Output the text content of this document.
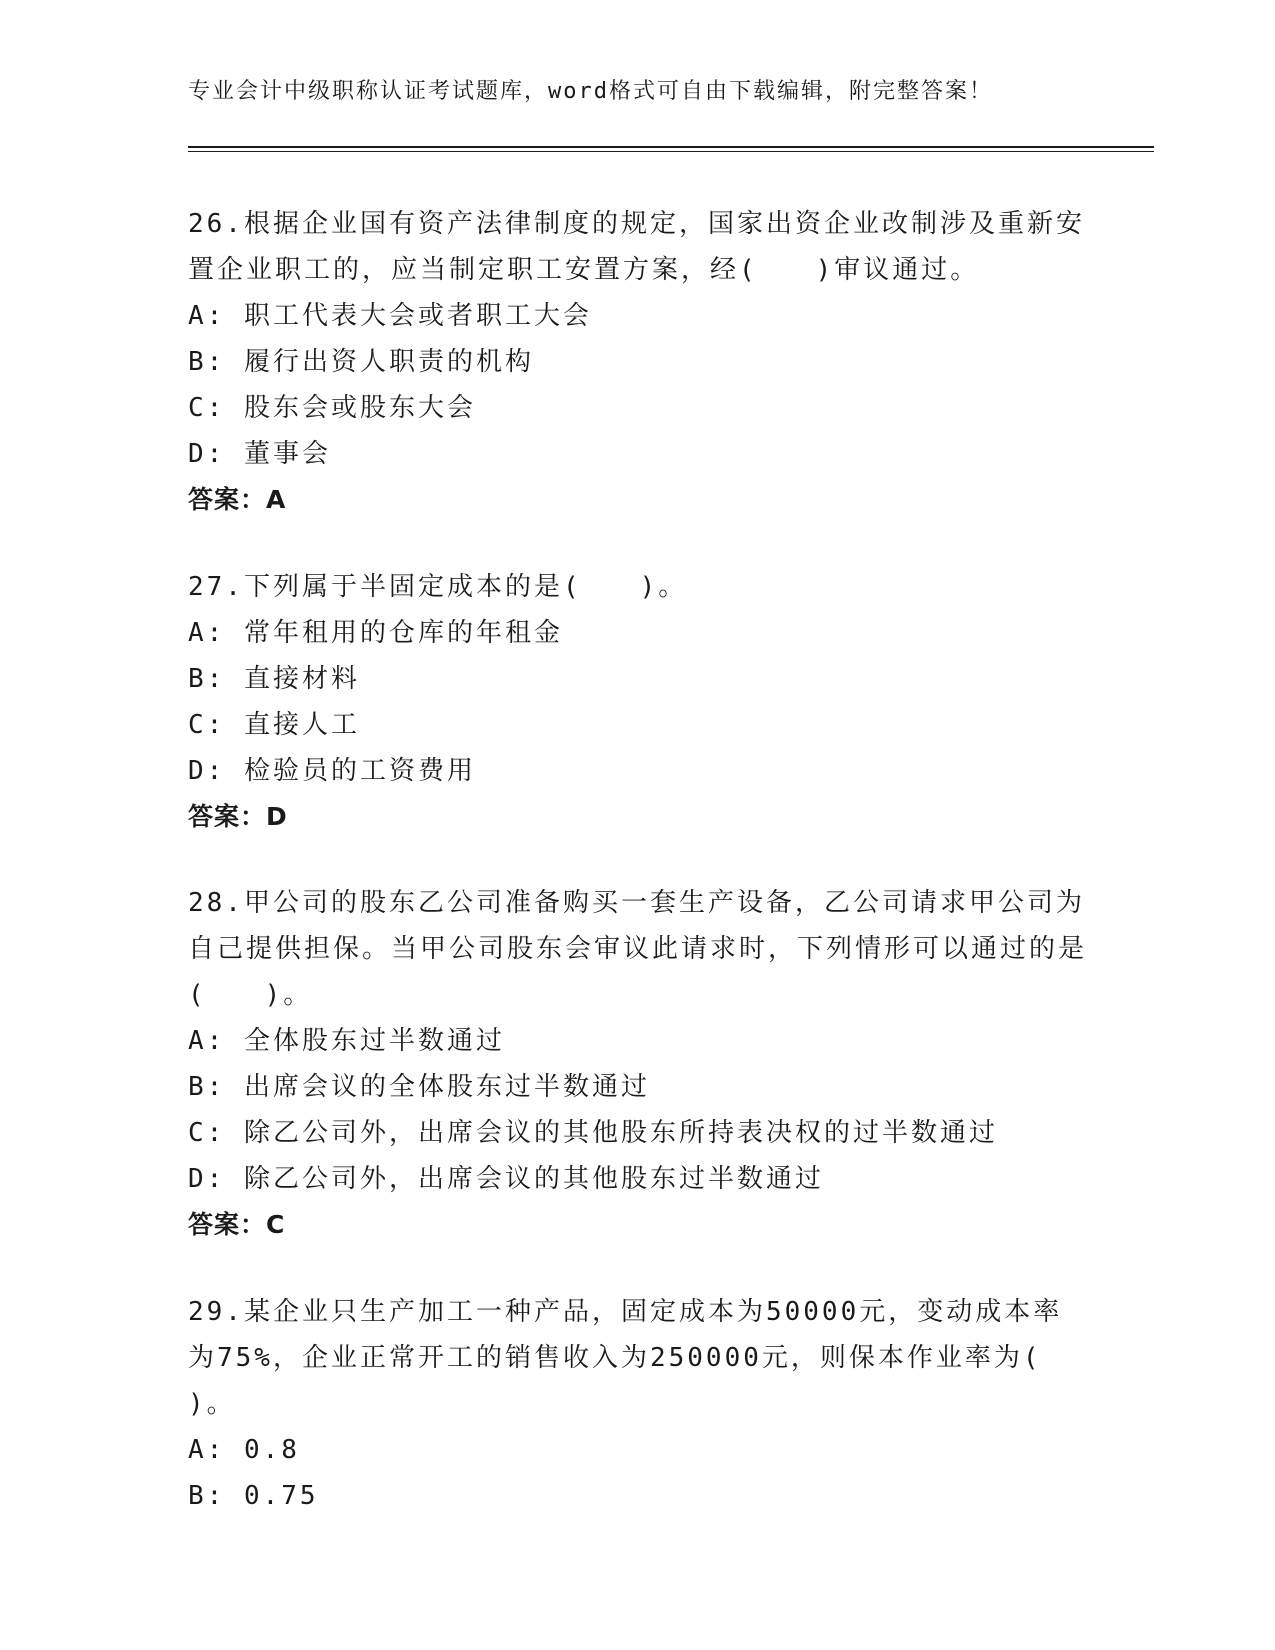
专业会计中级职称认证考试题库，word格式可自由下载编辑，附完整答案！
26.根据企业国有资产法律制度的规定，国家出资企业改制涉及重新安置企业职工的，应当制定职工安置方案，经(　　)审议通过。
A: 职工代表大会或者职工大会
B: 履行出资人职责的机构
C: 股东会或股东大会
D: 董事会
答案：A
27.下列属于半固定成本的是(　　)。
A: 常年租用的仓库的年租金
B: 直接材料
C: 直接人工
D: 检验员的工资费用
答案：D
28.甲公司的股东乙公司准备购买一套生产设备，乙公司请求甲公司为自己提供担保。当甲公司股东会审议此请求时，下列情形可以通过的是(　　)。
A: 全体股东过半数通过
B: 出席会议的全体股东过半数通过
C: 除乙公司外，出席会议的其他股东所持表决权的过半数通过
D: 除乙公司外，出席会议的其他股东过半数通过
答案：C
29.某企业只生产加工一种产品，固定成本为50000元，变动成本率为75%，企业正常开工的销售收入为250000元，则保本作业率为( )。
A: 0.8
B: 0.75
